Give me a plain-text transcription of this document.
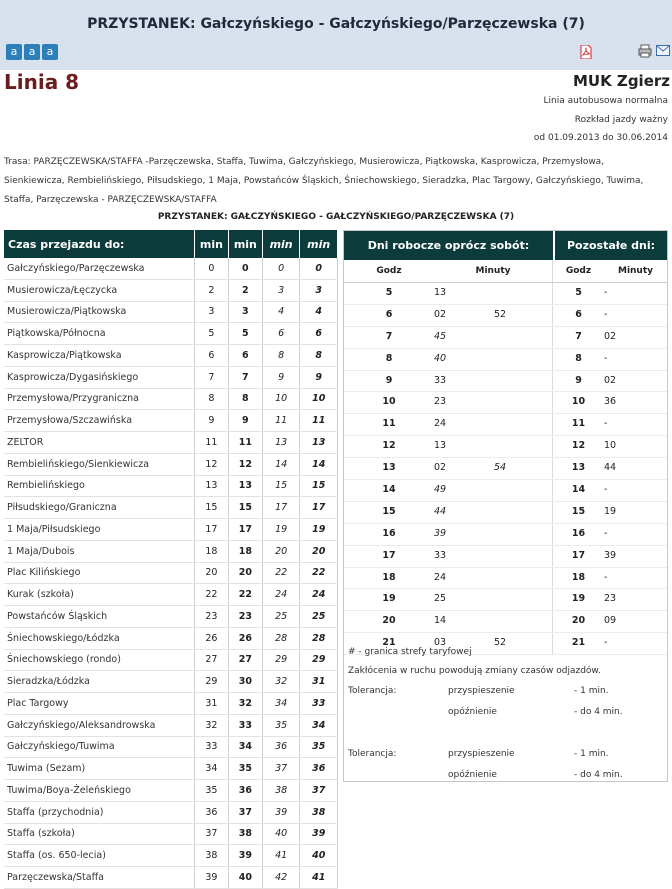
PRZYSTANEK: Gałczyńskiego - Gałczyńskiego/Parzęczewska (7)
a	a	a
Linia 8	MUK Zgierz
Linia autobusowa normalna
Rozkład jazdy ważny
od 01.09.2013 do 30.06.2014
Trasa: PARZĘCZEWSKA/STAFFA -Parzęczewska, Staffa, Tuwima, Gałczyńskiego, Musierowicza, Piątkowska, Kasprowicza, Przemysłowa, Sienkiewicza, Rembielińskiego, Piłsudskiego, 1 Maja, Powstańców Śląskich, Śniechowskiego, Sieradzka, Plac Targowy, Gałczyńskiego, Tuwima, Staffa, Parzęczewska - PARZĘCZEWSKA/STAFFA
PRZYSTANEK: GAŁCZYŃSKIEGO - GAŁCZYŃSKIEGO/PARZĘCZEWSKA (7)
Czas przejazdu do:	min	min	min	min
Gałczyńskiego/Parzęczewska	0	0	0	0
Musierowicza/Łęczycka	2	2	3	3
Musierowicza/Piątkowska	3	3	4	4
Piątkowska/Północna	5	5	6	6
Kasprowicza/Piątkowska	6	6	8	8
Kasprowicza/Dygasińskiego	7	7	9	9
Przemysłowa/Przygraniczna	8	8	10	10
Przemysłowa/Szczawińska	9	9	11	11
ZELTOR	11	11	13	13
Rembielińskiego/Sienkiewicza	12	12	14	14
Rembielińskiego	13	13	15	15
Piłsudskiego/Graniczna	15	15	17	17
1 Maja/Piłsudskiego	17	17	19	19
1 Maja/Dubois	18	18	20	20
Plac Kilińskiego	20	20	22	22
Kurak (szkoła)	22	22	24	24
Powstańców Śląskich	23	23	25	25
Śniechowskiego/Łódzka	26	26	28	28
Śniechowskiego (rondo)	27	27	29	29
Sieradzka/Łódzka	29	30	32	31
Plac Targowy	31	32	34	33
Gałczyńskiego/Aleksandrowska	32	33	35	34
Gałczyńskiego/Tuwima	33	34	36	35
Tuwima (Sezam)	34	35	37	36
Tuwima/Boya-Żeleńskiego	35	36	38	37
Staffa (przychodnia)	36	37	39	38
Staffa (szkoła)	37	38	40	39
Staffa (os. 650-lecia)	38	39	41	40
Parzęczewska/Staffa	39	40	42	41
Dni robocze oprócz sobót:	Pozostałe dni:
Godz	Minuty	Godz	Minuty
5	13	5	-
6	02	52	6	-
7	45	7	02
8	40	8	-
9	33	9	02
10	23	10	36
11	24	11	-
12	13	12	10
13	02	54	13	44
14	49	14	-
15	44	15	19
16	39	16	-
17	33	17	39
18	24	18	-
19	25	19	23
20	14	20	09
21	03	52	21	-
# - granica strefy taryfowej
Zakłócenia w ruchu powodują zmiany czasów odjazdów.
Tolerancja:	przyspieszenie	- 1 min.
opóźnienie	- do 4 min.
Tolerancja:	przyspieszenie	- 1 min.
opóźnienie	- do 4 min.
